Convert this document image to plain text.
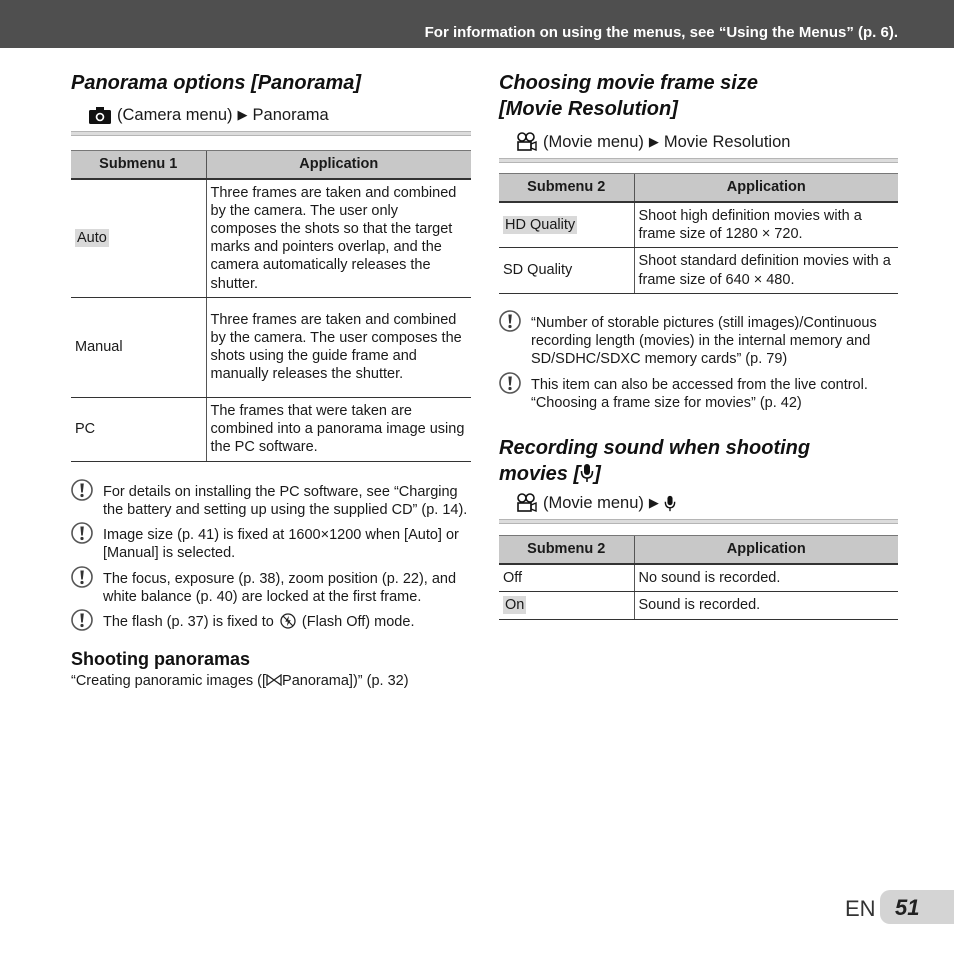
For information on using the menus, see “Using the Menus” (p. 6).
Panorama options [Panorama]
(Camera menu) ▶ Panorama
Submenu 1	Application
Auto	Three frames are taken and combined by the camera. The user only composes the shots so that the target marks and pointers overlap, and the camera automatically releases the shutter.
Manual	Three frames are taken and combined by the camera. The user composes the shots using the guide frame and manually releases the shutter.
PC	The frames that were taken are combined into a panorama image using the PC software.
For details on installing the PC software, see “Charging the battery and setting up using the supplied CD” (p. 14).
Image size (p. 41) is fixed at 1600×1200 when [Auto] or [Manual] is selected.
The focus, exposure (p. 38), zoom position (p. 22), and white balance (p. 40) are locked at the first frame.
The flash (p. 37) is fixed to (Flash Off) mode.
Shooting panoramas
“Creating panoramic images ([ Panorama])” (p. 32)
Choosing movie frame size
[Movie Resolution]
(Movie menu) ▶ Movie Resolution
Submenu 2	Application
HD Quality	Shoot high definition movies with a frame size of 1280 × 720.
SD Quality	Shoot standard definition movies with a frame size of 640 × 480.
“Number of storable pictures (still images)/Continuous recording length (movies) in the internal memory and SD/SDHC/SDXC memory cards” (p. 79)
This item can also be accessed from the live control. “Choosing a frame size for movies” (p. 42)
Recording sound when shooting
movies [ ]
(Movie menu) ▶
Submenu 2	Application
Off	No sound is recorded.
On	Sound is recorded.
EN 51
